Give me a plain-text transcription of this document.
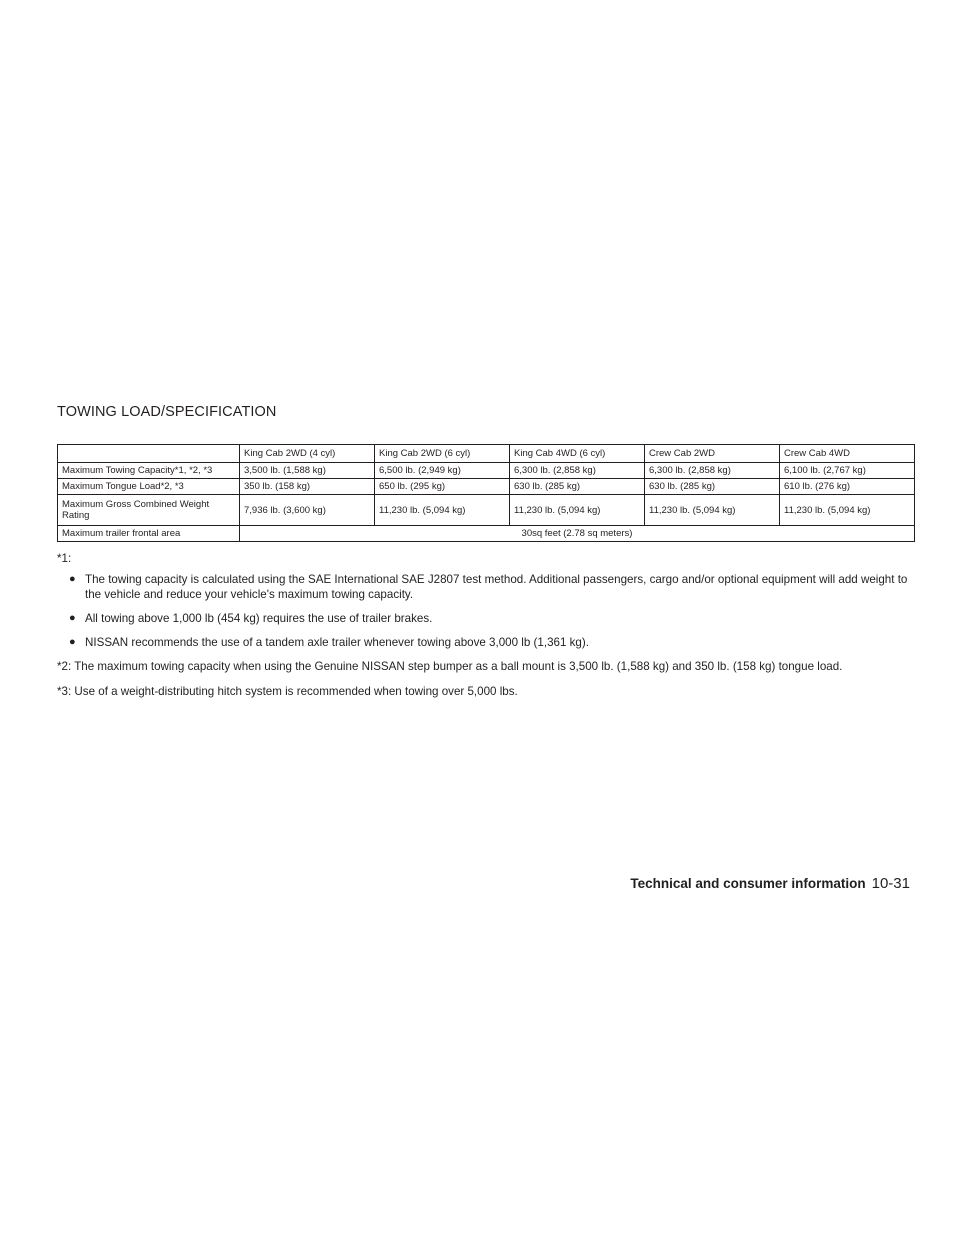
TOWING LOAD/SPECIFICATION
	King Cab 2WD (4 cyl)	King Cab 2WD (6 cyl)	King Cab 4WD (6 cyl)	Crew Cab 2WD	Crew Cab 4WD
Maximum Towing Capacity*1, *2, *3	3,500 lb. (1,588 kg)	6,500 lb. (2,949 kg)	6,300 lb. (2,858 kg)	6,300 lb. (2,858 kg)	6,100 lb. (2,767 kg)
Maximum Tongue Load*2, *3	350 lb. (158 kg)	650 lb. (295 kg)	630 lb. (285 kg)	630 lb. (285 kg)	610 lb. (276 kg)
Maximum Gross Combined Weight Rating	7,936 lb. (3,600 kg)	11,230 lb. (5,094 kg)	11,230 lb. (5,094 kg)	11,230 lb. (5,094 kg)	11,230 lb. (5,094 kg)
Maximum trailer frontal area	30sq feet (2.78 sq meters)				
*1:
● The towing capacity is calculated using the SAE International SAE J2807 test method. Additional passengers, cargo and/or optional equipment will add weight to the vehicle and reduce your vehicle's maximum towing capacity.
● All towing above 1,000 lb (454 kg) requires the use of trailer brakes.
● NISSAN recommends the use of a tandem axle trailer whenever towing above 3,000 lb (1,361 kg).

*2: The maximum towing capacity when using the Genuine NISSAN step bumper as a ball mount is 3,500 lb. (1,588 kg) and 350 lb. (158 kg) tongue load.

*3: Use of a weight-distributing hitch system is recommended when towing over 5,000 lbs.

Technical and consumer information 10-31
